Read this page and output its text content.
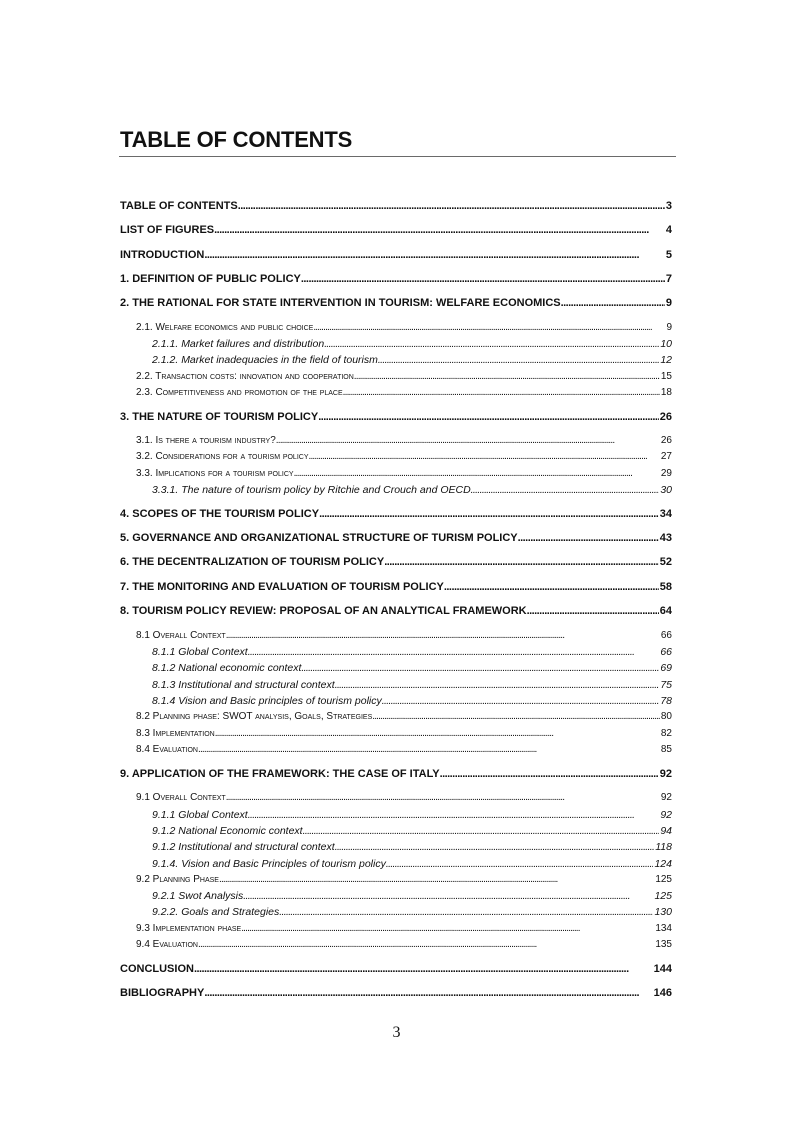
TABLE OF CONTENTS
TABLE OF CONTENTS . . .	3
LIST OF FIGURES . . .	4
INTRODUCTION . . .	5
1. DEFINITION OF PUBLIC POLICY . . .	7
2. THE RATIONAL FOR STATE INTERVENTION IN TOURISM: WELFARE ECONOMICS . . .	9
2.1. Welfare economics and public choice . . .	9
2.1.1. Market failures and distribution . . .	10
2.1.2. Market inadequacies in the field of tourism . . .	12
2.2. Transaction costs: innovation and cooperation . . .	15
2.3. Competitiveness and promotion of the place . . .	18
3. THE NATURE OF TOURISM POLICY . . .	26
3.1. Is there a tourism industry? . . .	26
3.2. Considerations for a tourism policy . . .	27
3.3. Implications for a tourism policy . . .	29
3.3.1. The nature of tourism policy by Ritchie and Crouch and OECD . . .	30
4. SCOPES OF THE TOURISM POLICY . . .	34
5. GOVERNANCE AND ORGANIZATIONAL STRUCTURE OF TURISM POLICY . . .	43
6. THE DECENTRALIZATION OF TOURISM POLICY . . .	52
7. THE MONITORING AND EVALUATION OF TOURISM POLICY . . .	58
8. TOURISM POLICY REVIEW: PROPOSAL OF AN ANALYTICAL FRAMEWORK . . .	64
8.1 Overall Context . . .	66
8.1.1 Global Context . . .	66
8.1.2 National economic context . . .	69
8.1.3 Institutional and structural context . . .	75
8.1.4 Vision and Basic principles of tourism policy . . .	78
8.2 Planning phase: SWOT analysis, Goals, Strategies . . .	80
8.3 Implementation . . .	82
8.4 Evaluation . . .	85
9. APPLICATION OF THE FRAMEWORK: THE CASE OF ITALY . . .	92
9.1 Overall Context . . .	92
9.1.1 Global Context . . .	92
9.1.2 National Economic context . . .	94
9.1.2 Institutional and structural context . . .	118
9.1.4. Vision and Basic Principles of tourism policy . . .	124
9.2 Planning Phase . . .	125
9.2.1 Swot Analysis . . .	125
9.2.2. Goals and Strategies . . .	130
9.3 Implementation phase . . .	134
9.4 Evaluation . . .	135
CONCLUSION . . .	144
BIBLIOGRAPHY . . .	146
3
